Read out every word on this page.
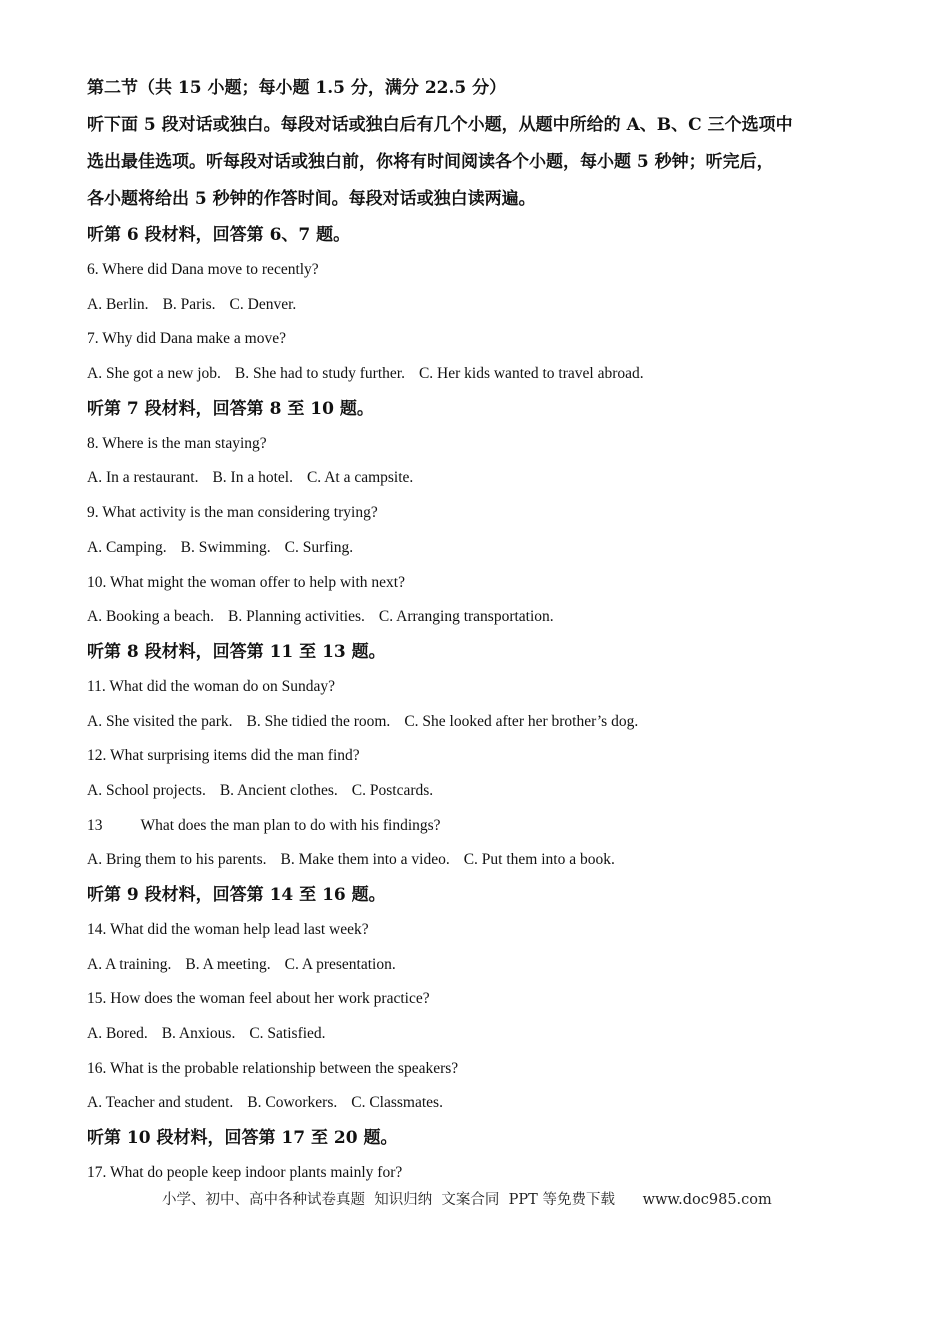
第二节（共 15 小题；每小题 1.5 分，满分 22.5 分）
听下面 5 段对话或独白。每段对话或独白后有几个小题，从题中所给的 A、B、C 三个选项中
选出最佳选项。听每段对话或独白前，你将有时间阅读各个小题，每小题 5 秒钟；听完后，
各小题将给出 5 秒钟的作答时间。每段对话或独白读两遍。
听第 6 段材料，回答第 6、7 题。
6. Where did Dana move to recently?
A. Berlin. B. Paris. C. Denver.
7. Why did Dana make a move?
A. She got a new job. B. She had to study further. C. Her kids wanted to travel abroad.
听第 7 段材料，回答第 8 至 10 题。
8. Where is the man staying?
A. In a restaurant. B. In a hotel. C. At a campsite.
9. What activity is the man considering trying?
A. Camping. B. Swimming. C. Surfing.
10. What might the woman offer to help with next?
A. Booking a beach. B. Planning activities. C. Arranging transportation.
听第 8 段材料，回答第 11 至 13 题。
11. What did the woman do on Sunday?
A. She visited the park. B. She tidied the room. C. She looked after her brother’s dog.
12. What surprising items did the man find?
A. School projects. B. Ancient clothes. C. Postcards.
13 What does the man plan to do with his findings?
A. Bring them to his parents. B. Make them into a video. C. Put them into a book.
听第 9 段材料，回答第 14 至 16 题。
14. What did the woman help lead last week?
A. A training. B. A meeting. C. A presentation.
15. How does the woman feel about her work practice?
A. Bored. B. Anxious. C. Satisfied.
16. What is the probable relationship between the speakers?
A. Teacher and student. B. Coworkers. C. Classmates.
听第 10 段材料，回答第 17 至 20 题。
17. What do people keep indoor plants mainly for?
小学、初中、高中各种试卷真题  知识归纳  文案合同  PPT 等免费下载 www.doc985.com
